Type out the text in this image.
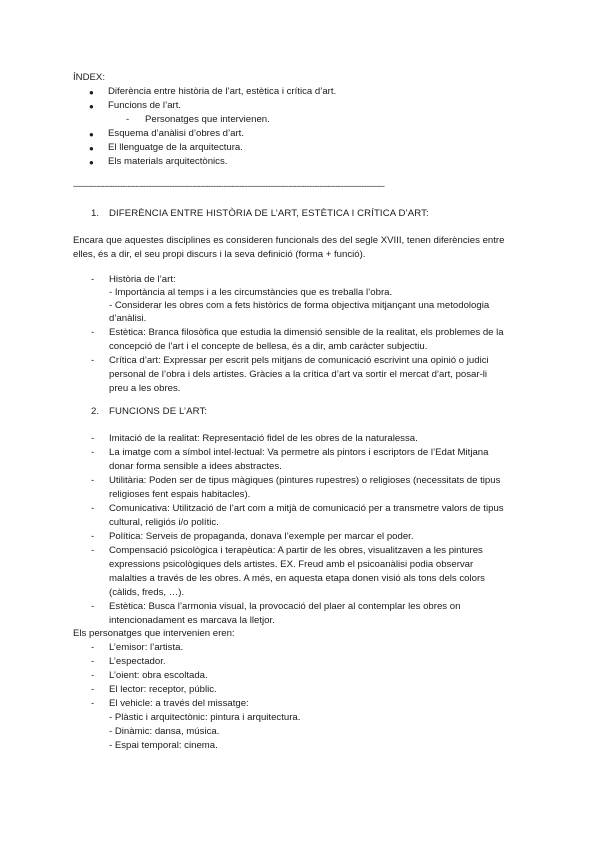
ÍNDEX:
● Diferència entre història de l’art, estètica i crítica d’art.
● Funcions de l’art.
- Personatges que intervienen.
● Esquema d’anàlisi d’obres d’art.
● El llenguatge de la arquitectura.
● Els materials arquitectònics.
------------------------------------------------------------------------------------------------------------------------
1. DIFERÈNCIA ENTRE HISTÒRIA DE L’ART, ESTÈTICA I CRÍTICA D’ART:
Encara que aquestes disciplines es consideren funcionals des del segle XVIII, tenen diferències entre
elles, és a dir, el seu propi discurs i la seva definició (forma + funció).
- Història de l’art:
- Importància al temps i a les circumstàncies que es treballa l’obra.
- Considerar les obres com a fets històrics de forma objectiva mitjançant una metodologia
d’anàlisi.
- Estètica: Branca filosòfica que estudia la dimensió sensible de la realitat, els problemes de la
concepció de l’art i el concepte de bellesa, és a dir, amb caràcter subjectiu.
- Crítica d’art: Expressar per escrit pels mitjans de comunicació escrivint una opinió o judici
personal de l’obra i dels artistes. Gràcies a la crítica d’art va sortir el mercat d’art, posar-li
preu a les obres.
2. FUNCIONS DE L’ART:
- Imitació de la realitat: Representació fidel de les obres de la naturalessa.
- La imatge com a símbol intel·lectual: Va permetre als pintors i escriptors de l’Edat Mitjana
donar forma sensible a idees abstractes.
- Utilitària: Poden ser de tipus màgiques (pintures rupestres) o religioses (necessitats de tipus
religioses fent espais habitacles).
- Comunicativa: Utilització de l’art com a mitjà de comunicació per a transmetre valors de tipus
cultural, religiós i/o polític.
- Política: Serveis de propaganda, donava l’exemple per marcar el poder.
- Compensació psicològica i terapèutica: A partir de les obres, visualitzaven a les pintures
expressions psicològiques dels artistes. EX. Freud amb el psicoanàlisi podia observar
malalties a través de les obres. A més, en aquesta etapa donen visió als tons dels colors
(càlids, freds, …).
- Estètica: Busca l’armonia visual, la provocació del plaer al contemplar les obres on
intencionadament es marcava la lletjor.
Els personatges que intervenien eren:
- L’emisor: l’artista.
- L’espectador.
- L’oient: obra escoltada.
- El lector: receptor, públic.
- El vehicle: a través del missatge:
- Plàstic i arquitectònic: pintura i arquitectura.
- Dinàmic: dansa, música.
- Espai temporal: cinema.
